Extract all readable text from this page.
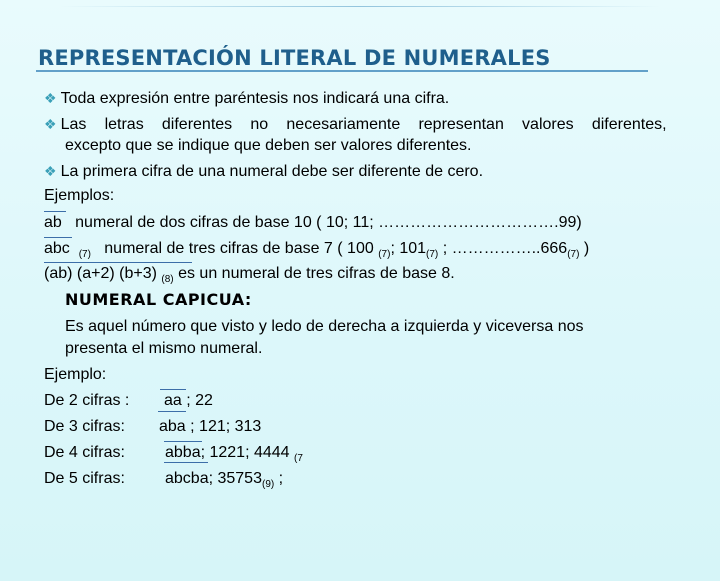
REPRESENTACIÓN LITERAL DE NUMERALES
❖ Toda expresión entre paréntesis nos indicará una cifra.
❖ Las letras diferentes no necesariamente representan valores diferentes,
excepto que se indique que deben ser valores diferentes.
❖ La primera cifra de una numeral debe ser diferente de cero.
Ejemplos:
ab numeral de dos cifras de base 10 ( 10; 11; …………………………….99)
abc $_{(7)}$ numeral de tres cifras de base 7 ( 100 $_{(7)}$; $101_{(7)}$ ; $\dots\dots\dots\dots\dots..666_{(7)}$ )
(ab) (a+2) (b+3) $_{(8)}$ es un numeral de tres cifras de base 8.
NUMERAL CAPICUA:
Es aquel número que visto y ledo de derecha a izquierda y viceversa nos
presenta el mismo numeral.
Ejemplo:
De 2 cifras : aa ; 22
De 3 cifras: aba ; 121; 313
De 4 cifras:	abba; 1221; 4444 $_{(7}$
De 5 cifras:	abcba; $35753_{(9)}$ ;
